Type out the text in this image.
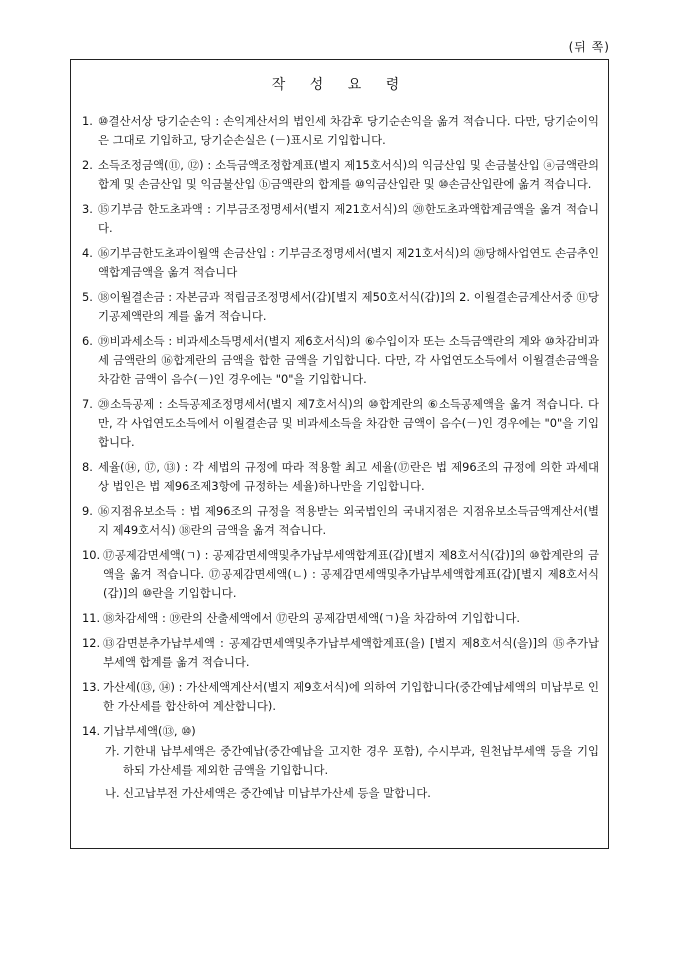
(뒤 쪽)
작 성 요 령
1. ⑩결산서상 당기순손익 : 손익계산서의 법인세 차감후 당기순손익을 옮겨 적습니다. 다만, 당기순이익은 그대로 기입하고, 당기순손실은 (－)표시로 기입합니다.
2. 소득조정금액(⑪, ⑫) : 소득금액조정합계표(별지 제15호서식)의 익금산입 및 손금불산입 ⓐ금액란의 합계 및 손금산입 및 익금불산입 ⓑ금액란의 합계를 ⑩익금산입란 및 ⑩손금산입란에 옮겨 적습니다.
3. ⑮기부금 한도초과액 : 기부금조정명세서(별지 제21호서식)의 ⑳한도초과액합계금액을 옮겨 적습니다.
4. ⑯기부금한도초과이월액 손금산입 : 기부금조정명세서(별지 제21호서식)의 ⑳당해사업연도 손금추인액합계금액을 옮겨 적습니다
5. ⑱이월결손금 : 자본금과 적립금조정명세서(갑)[별지 제50호서식(갑)]의 2. 이월결손금계산서중 ⑪당기공제액란의 계를 옮겨 적습니다.
6. ⑲비과세소득 : 비과세소득명세서(별지 제6호서식)의 ⑥수입이자 또는 소득금액란의 계와 ⑩차감비과세 금액란의 ⑯합계란의 금액을 합한 금액을 기입합니다. 다만, 각 사업연도소득에서 이월결손금액을 차감한 금액이 음수(－)인 경우에는 "0"을 기입합니다.
7. ⑳소득공제 : 소득공제조정명세서(별지 제7호서식)의 ⑩합계란의 ⑥소득공제액을 옮겨 적습니다. 다만, 각 사업연도소득에서 이월결손금 및 비과세소득을 차감한 금액이 음수(－)인 경우에는 "0"을 기입합니다.
8. 세율(⑭, ⑰, ⑬) : 각 세법의 규정에 따라 적용할 최고 세율(⑰란은 법 제96조의 규정에 의한 과세대상 법인은 법 제96조제3항에 규정하는 세율)하나만을 기입합니다.
9. ⑯지점유보소득 : 법 제96조의 규정을 적용받는 외국법인의 국내지점은 지점유보소득금액계산서(별지 제49호서식) ⑱란의 금액을 옮겨 적습니다.
10. ⑰공제감면세액(ㄱ) : 공제감면세액및추가납부세액합계표(갑)[별지 제8호서식(갑)]의 ⑩합계란의 금액을 옮겨 적습니다. ⑰공제감면세액(ㄴ) : 공제감면세액및추가납부세액합계표(갑)[별지 제8호서식(갑)]의 ⑩란을 기입합니다.
11. ⑱차감세액 : ⑲란의 산출세액에서 ⑰란의 공제감면세액(ㄱ)을 차감하여 기입합니다.
12. ⑬감면분추가납부세액 : 공제감면세액및추가납부세액합계표(을) [별지 제8호서식(을)]의 ⑮추가납부세액 합계를 옮겨 적습니다.
13. 가산세(⑬, ⑭) : 가산세액계산서(별지 제9호서식)에 의하여 기입합니다(중간예납세액의 미납부로 인한 가산세를 합산하여 계산합니다).
14. 기납부세액(⑬, ⑩)
가. 기한내 납부세액은 중간예납(중간예납을 고지한 경우 포함), 수시부과, 원천납부세액 등을 기입하되 가산세를 제외한 금액을 기입합니다.
나. 신고납부전 가산세액은 중간예납 미납부가산세 등을 말합니다.
